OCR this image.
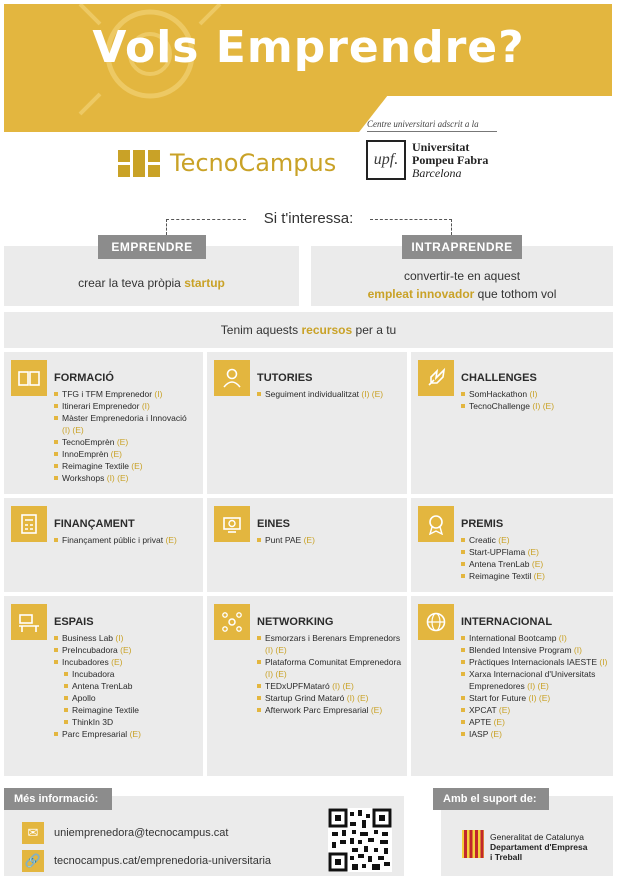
Vols Emprendre?
TecnoCampus
Centre universitari adscrit a la
upf.
Universitat
Pompeu Fabra
Barcelona
Si t'interessa:
EMPRENDRE
crear la teva pròpia startup
INTRAPRENDRE
convertir-te en aquest
empleat innovador que tothom vol
Tenim aquests recursos per a tu
FORMACIÓ
TFG i TFM Emprenedor (I)
Itinerari Emprenedor (I)
Màster Emprenedoria i Innovació (I) (E)
TecnoEmprèn (E)
InnoEmprèn (E)
Reimagine Textile (E)
Workshops (I) (E)
TUTORIES
Seguiment individualitzat (I) (E)
CHALLENGES
SomHackathon (I)
TecnoChallenge (I) (E)
FINANÇAMENT
Finançament públic i privat (E)
EINES
Punt PAE (E)
PREMIS
Creatic (E)
Start-UPFlama (E)
Antena TrenLab (E)
Reimagine Textil (E)
ESPAIS
Business Lab (I)
PreIncubadora (E)
Incubadores (E)
Incubadora
Antena TrenLab
Apollo
Reimagine Textile
ThinkIn 3D
Parc Empresarial (E)
NETWORKING
Esmorzars i Berenars Emprenedors (I) (E)
Plataforma Comunitat Emprenedora (I) (E)
TEDxUPFMataró (I) (E)
Startup Grind Mataró (I) (E)
Afterwork Parc Empresarial (E)
INTERNACIONAL
International Bootcamp (I)
Blended Intensive Program (I)
Pràctiques Internacionals IAESTE (I)
Xarxa Internacional d'Universitats Emprenedores (I) (E)
Start for Future (I) (E)
XPCAT (E)
APTE (E)
IASP (E)
Més informació:
✉	uniemprenedora@tecnocampus.cat
🔗 tecnocampus.cat/emprenedoria-universitaria
Amb el suport de:
Generalitat de Catalunya
Departament d'Empresa
i Treball
